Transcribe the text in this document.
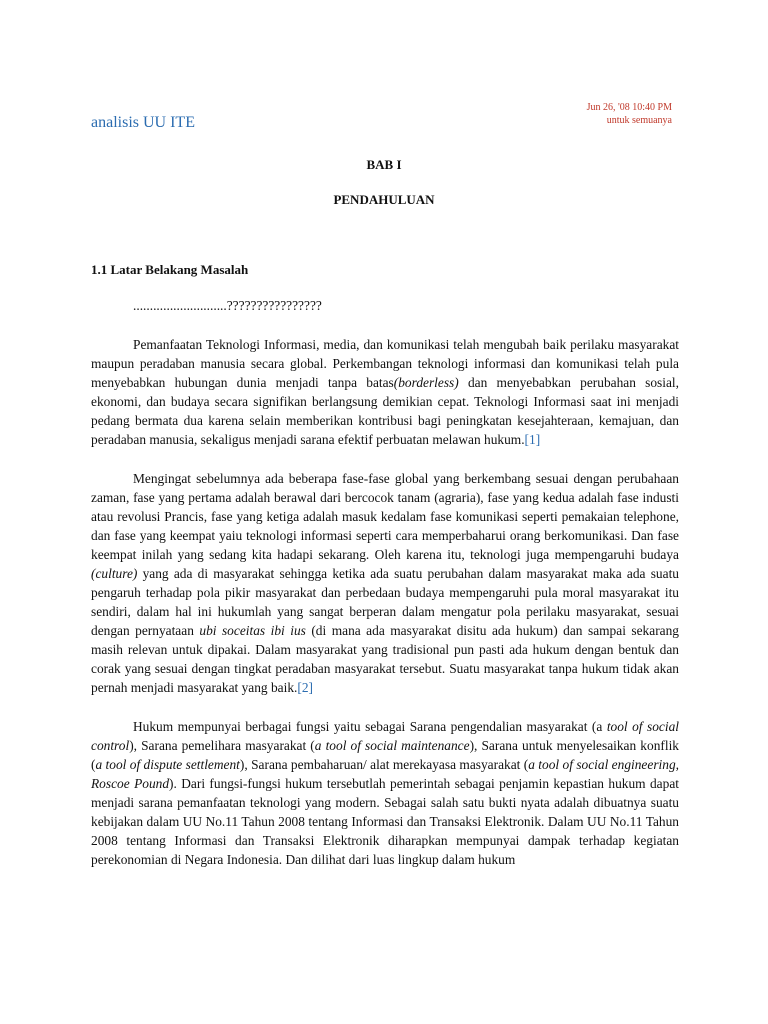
Jun 26, '08 10:40 PM
untuk semuanya
analisis UU ITE
BAB I
PENDAHULUAN
1.1 Latar Belakang Masalah

............................????????????????

Pemanfaatan Teknologi Informasi, media, dan komunikasi telah mengubah baik perilaku masyarakat maupun peradaban manusia secara global. Perkembangan teknologi informasi dan komunikasi telah pula menyebabkan hubungan dunia menjadi tanpa batas(borderless) dan menyebabkan perubahan sosial, ekonomi, dan budaya secara signifikan berlangsung demikian cepat. Teknologi Informasi saat ini menjadi pedang bermata dua karena selain memberikan kontribusi bagi peningkatan kesejahteraan, kemajuan, dan peradaban manusia, sekaligus menjadi sarana efektif perbuatan melawan hukum.[1]

Mengingat sebelumnya ada beberapa fase-fase global yang berkembang sesuai dengan perubahaan zaman, fase yang pertama adalah berawal dari bercocok tanam (agraria), fase yang kedua adalah fase industi atau revolusi Prancis, fase yang ketiga adalah masuk kedalam fase komunikasi seperti pemakaian telephone, dan fase yang keempat yaiu teknologi informasi seperti cara memperbaharui orang berkomunikasi. Dan fase keempat inilah yang sedang kita hadapi sekarang. Oleh karena itu, teknologi juga mempengaruhi budaya (culture) yang ada di masyarakat sehingga ketika ada suatu perubahan dalam masyarakat maka ada suatu pengaruh terhadap pola pikir masyarakat dan perbedaan budaya mempengaruhi pula moral masyarakat itu sendiri, dalam hal ini hukumlah yang sangat berperan dalam mengatur pola perilaku masyarakat, sesuai dengan pernyataan ubi soceitas ibi ius (di mana ada masyarakat disitu ada hukum) dan sampai sekarang masih relevan untuk dipakai. Dalam masyarakat yang tradisional pun pasti ada hukum dengan bentuk dan corak yang sesuai dengan tingkat peradaban masyarakat tersebut. Suatu masyarakat tanpa hukum tidak akan pernah menjadi masyarakat yang baik.[2]

Hukum mempunyai berbagai fungsi yaitu sebagai Sarana pengendalian masyarakat (a tool of social control), Sarana pemelihara masyarakat (a tool of social maintenance), Sarana untuk menyelesaikan konflik (a tool of dispute settlement), Sarana pembaharuan/ alat merekayasa masyarakat (a tool of social engineering, Roscoe Pound). Dari fungsi-fungsi hukum tersebutlah pemerintah sebagai penjamin kepastian hukum dapat menjadi sarana pemanfaatan teknologi yang modern. Sebagai salah satu bukti nyata adalah dibuatnya suatu kebijakan dalam UU No.11 Tahun 2008 tentang Informasi dan Transaksi Elektronik. Dalam UU No.11 Tahun 2008 tentang Informasi dan Transaksi Elektronik diharapkan mempunyai dampak terhadap kegiatan perekonomian di Negara Indonesia. Dan dilihat dari luas lingkup dalam hukum
